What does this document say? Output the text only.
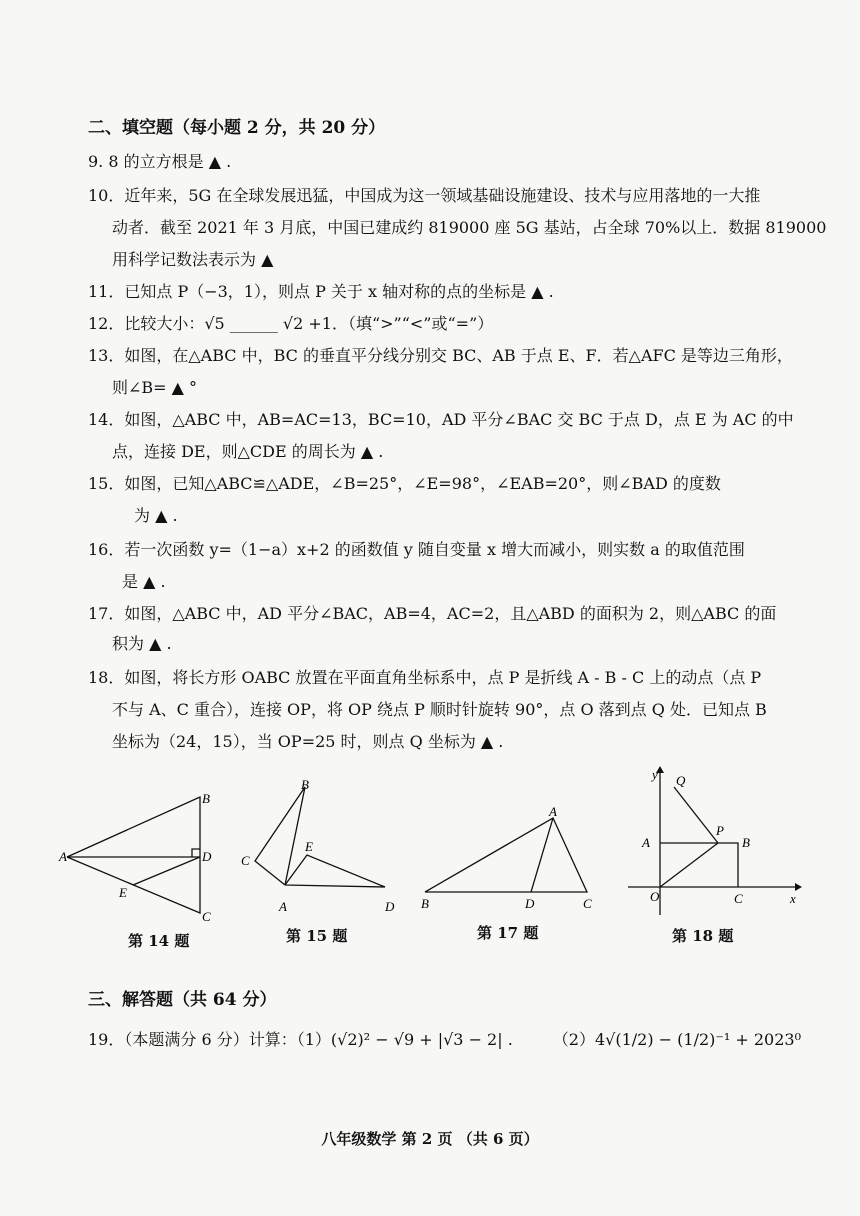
二、填空题（每小题 2 分，共 20 分）
9. 8 的立方根是 ▲ .
10．近年来，5G 在全球发展迅猛，中国成为这一领域基础设施建设、技术与应用落地的一大推
动者．截至 2021 年 3 月底，中国已建成约 819000 座 5G 基站，占全球 70%以上．数据 819000
用科学记数法表示为 ▲
11．已知点 P（−3，1），则点 P 关于 x 轴对称的点的坐标是 ▲ .
12．比较大小：√5 ______ √2 +1．（填“>”“<”或“=”）
13．如图，在△ABC 中，BC 的垂直平分线分别交 BC、AB 于点 E、F．若△AFC 是等边三角形，
则∠B= ▲ °
14．如图，△ABC 中，AB=AC=13，BC=10，AD 平分∠BAC 交 BC 于点 D，点 E 为 AC 的中
点，连接 DE，则△CDE 的周长为 ▲ .
15．如图，已知△ABC≌△ADE，∠B=25°，∠E=98°，∠EAB=20°，则∠BAD 的度数
为 ▲ .
16．若一次函数 y=（1−a）x+2 的函数值 y 随自变量 x 增大而减小，则实数 a 的取值范围
是 ▲ .
17．如图，△ABC 中，AD 平分∠BAC，AB=4，AC=2，且△ABD 的面积为 2，则△ABC 的面
积为 ▲ .
18．如图，将长方形 OABC 放置在平面直角坐标系中，点 P 是折线 A - B - C 上的动点（点 P
不与 A、C 重合），连接 OP，将 OP 绕点 P 顺时针旋转 90°，点 O 落到点 Q 处．已知点 B
坐标为（24，15），当 OP=25 时，则点 Q 坐标为 ▲ .
A
B
C
D
E
第 14 题
B
C
E
A	D
第 15 题
A
B	D	C
第 17 题
y Q
A
P
B
O	C	x
第 18 题
三、解答题（共 64 分）
19．（本题满分 6 分）计算：（1）(√2)² − √9 + |√3 − 2| .	（2）4√(1/2) − (1/2)⁻¹ + 2023⁰
八年级数学 第 2 页 （共 6 页）
